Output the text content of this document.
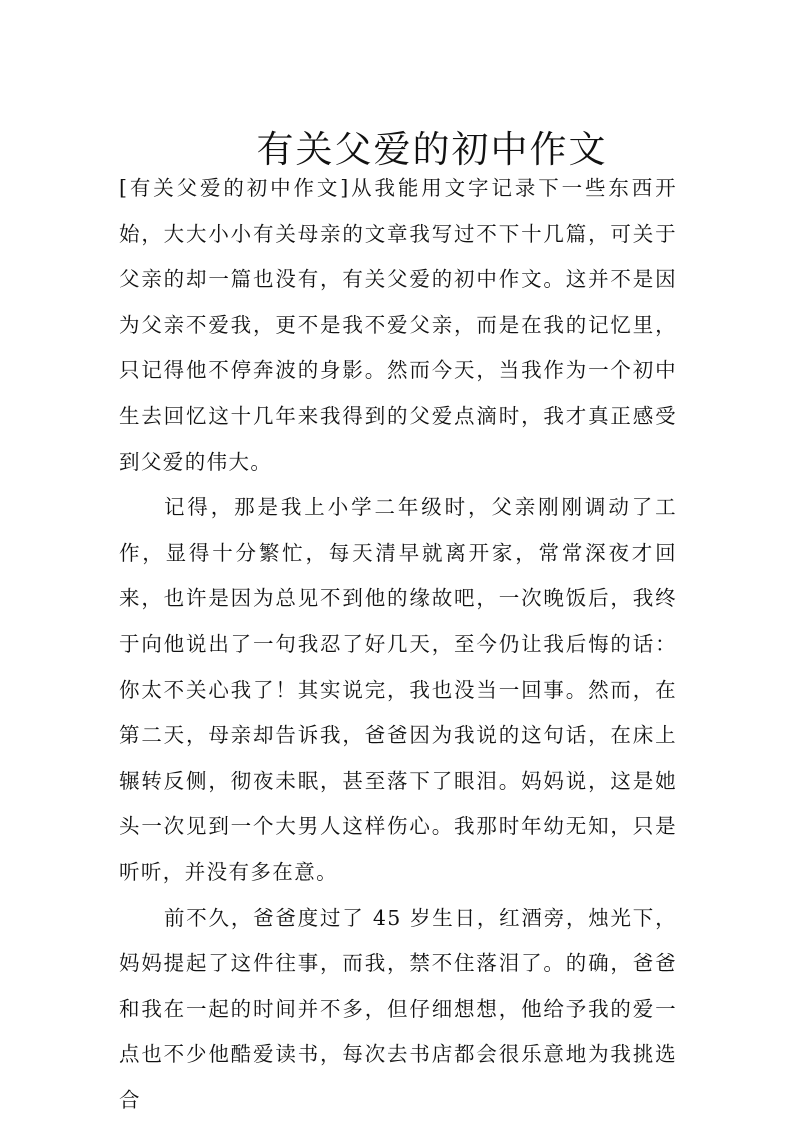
有关父爱的初中作文

[有关父爱的初中作文]从我能用文字记录下一些东西开始，大大小小有关母亲的文章我写过不下十几篇，可关于父亲的却一篇也没有，有关父爱的初中作文。这并不是因为父亲不爱我，更不是我不爱父亲，而是在我的记忆里，只记得他不停奔波的身影。然而今天，当我作为一个初中生去回忆这十几年来我得到的父爱点滴时，我才真正感受到父爱的伟大。

记得，那是我上小学二年级时，父亲刚刚调动了工作，显得十分繁忙，每天清早就离开家，常常深夜才回来，也许是因为总见不到他的缘故吧，一次晚饭后，我终于向他说出了一句我忍了好几天，至今仍让我后悔的话：你太不关心我了！其实说完，我也没当一回事。然而，在第二天，母亲却告诉我，爸爸因为我说的这句话，在床上辗转反侧，彻夜未眠，甚至落下了眼泪。妈妈说，这是她头一次见到一个大男人这样伤心。我那时年幼无知，只是听听，并没有多在意。

前不久，爸爸度过了 45 岁生日，红酒旁，烛光下，妈妈提起了这件往事，而我，禁不住落泪了。的确，爸爸和我在一起的时间并不多，但仔细想想，他给予我的爱一点也不少他酷爱读书，每次去书店都会很乐意地为我挑选合
